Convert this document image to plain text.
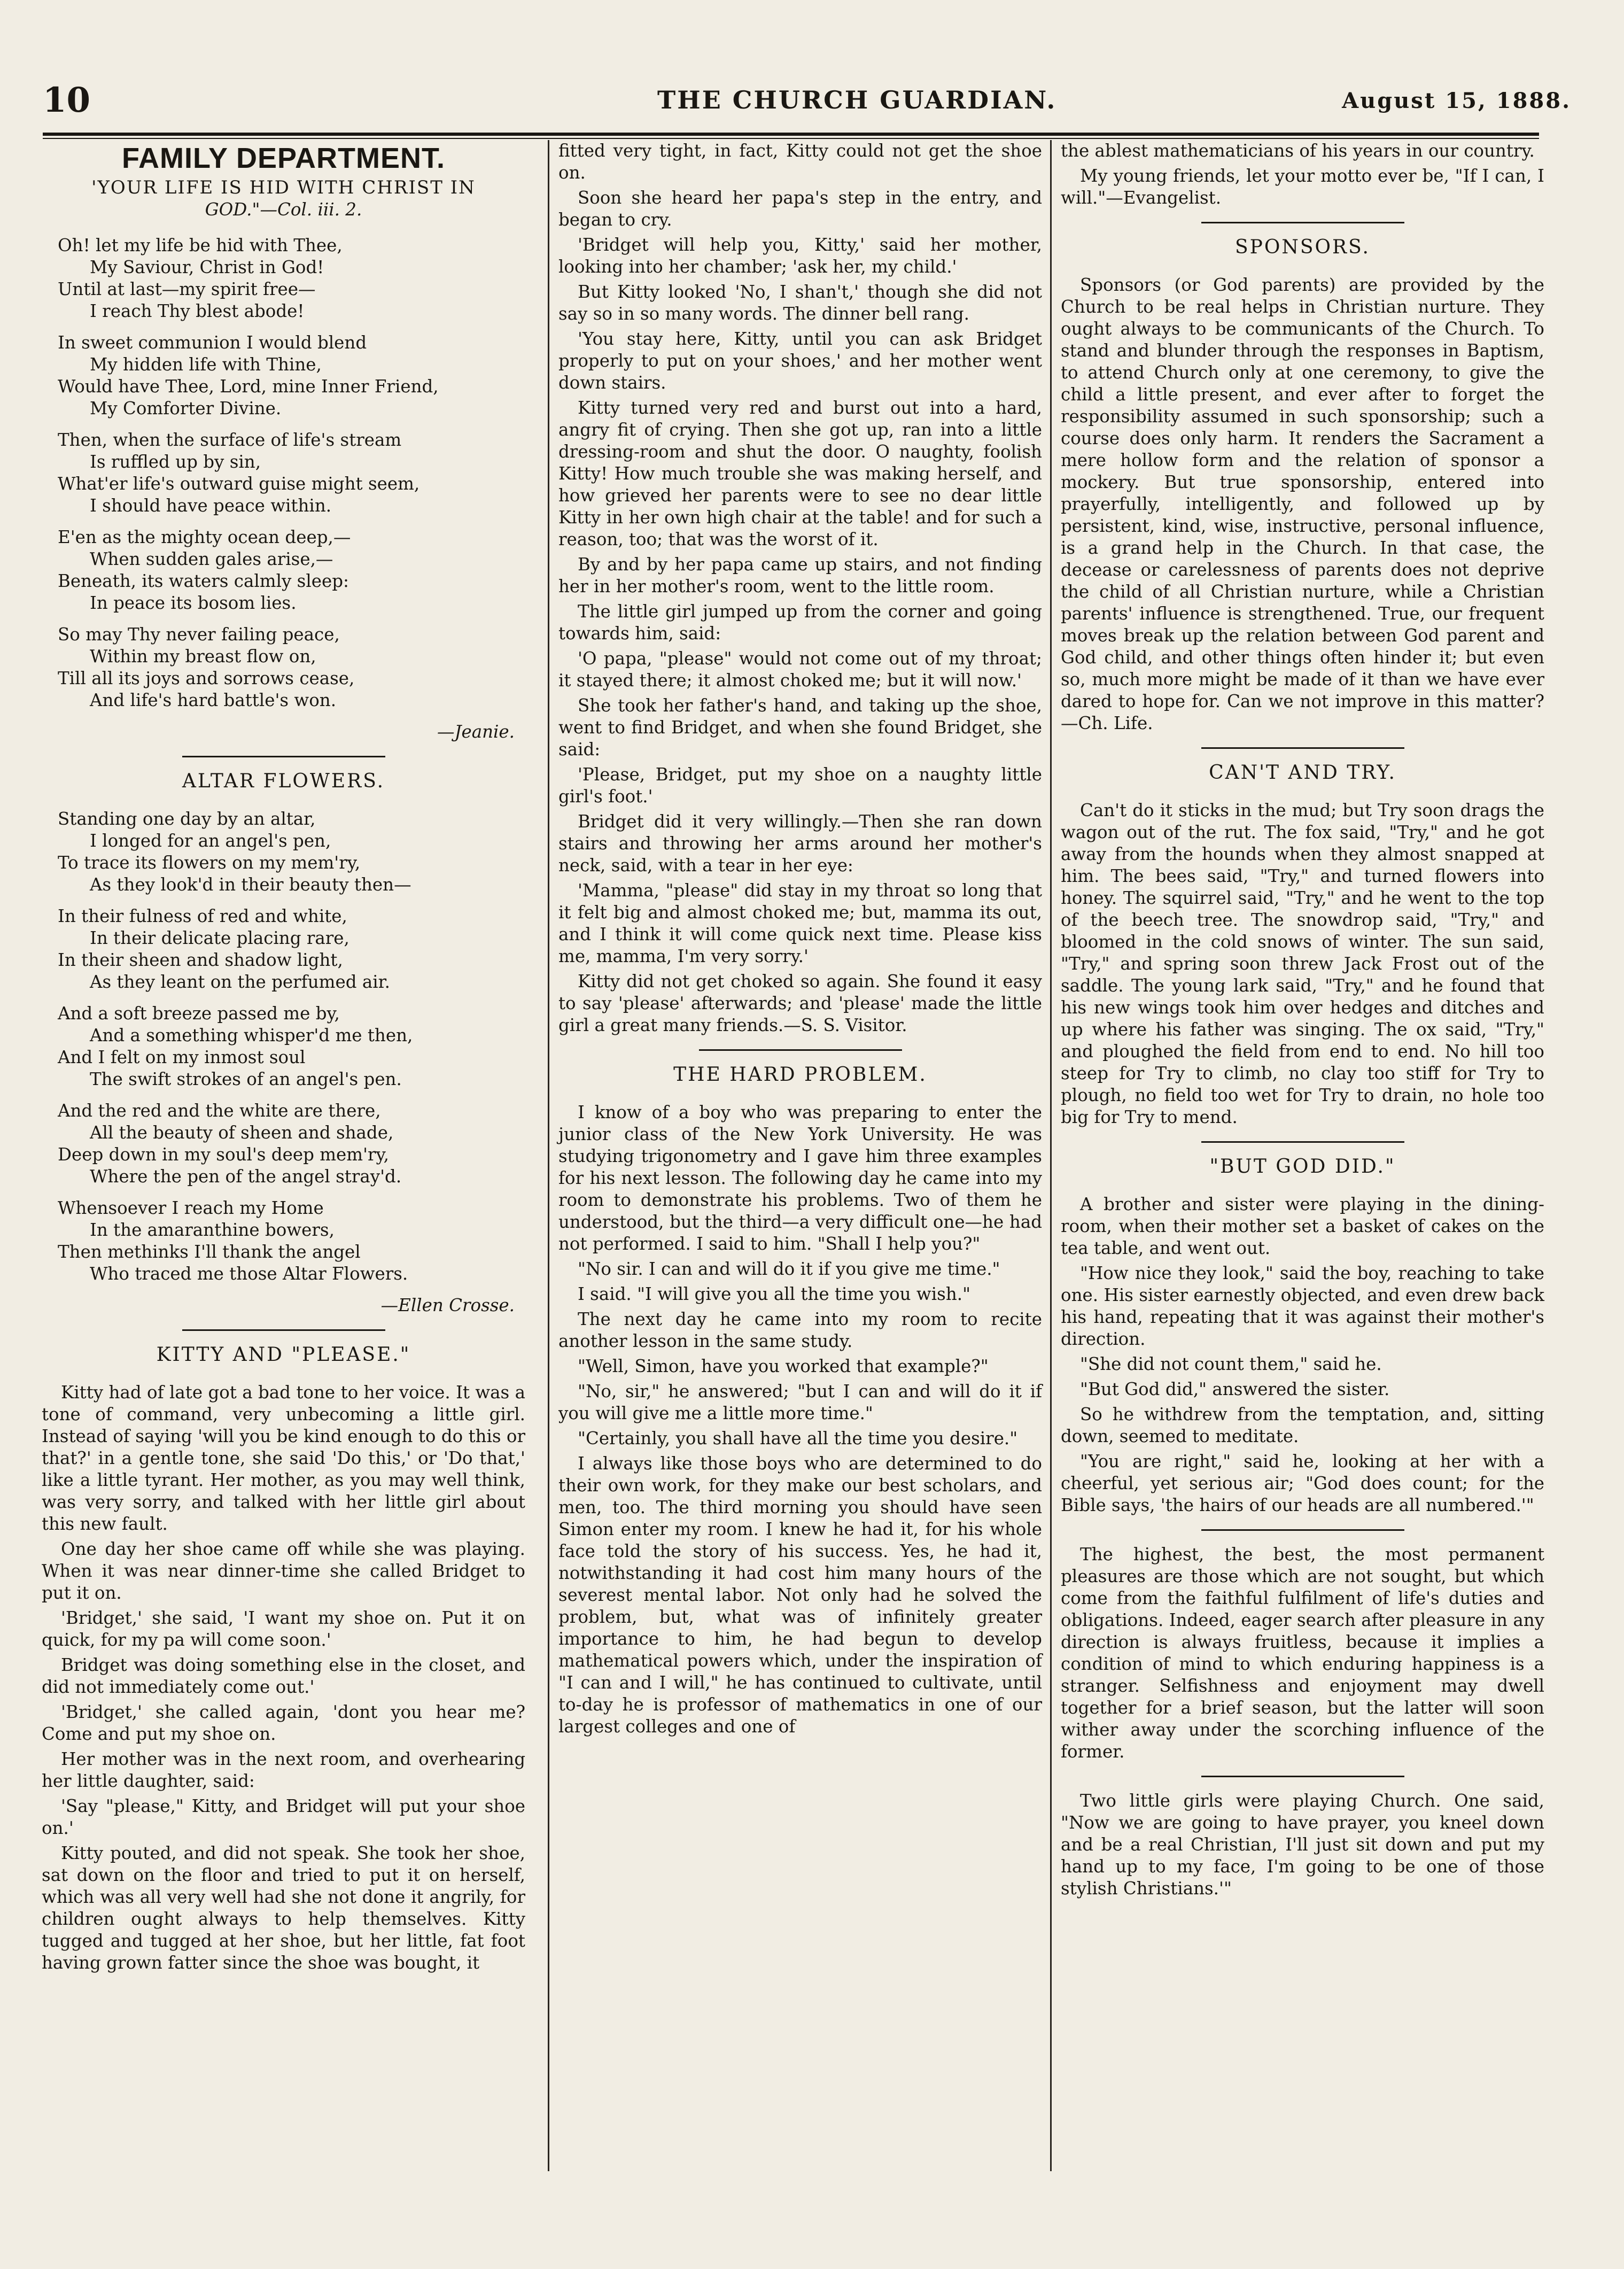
10	THE CHURCH GUARDIAN.	August 15, 1888.
FAMILY DEPARTMENT.
'YOUR LIFE IS HID WITH CHRIST IN
GOD."—Col. iii. 2.
Oh! let my life be hid with Thee,
My Saviour, Christ in God!
Until at last—my spirit free—
I reach Thy blest abode!
In sweet communion I would blend
My hidden life with Thine,
Would have Thee, Lord, mine Inner Friend,
My Comforter Divine.
Then, when the surface of life's stream
Is ruffled up by sin,
What'er life's outward guise might seem,
I should have peace within.
E'en as the mighty ocean deep,—
When sudden gales arise,—
Beneath, its waters calmly sleep:
In peace its bosom lies.
So may Thy never failing peace,
Within my breast flow on,
Till all its joys and sorrows cease,
And life's hard battle's won.
—Jeanie.
ALTAR FLOWERS.
Standing one day by an altar,
I longed for an angel's pen,
To trace its flowers on my mem'ry,
As they look'd in their beauty then—
In their fulness of red and white,
In their delicate placing rare,
In their sheen and shadow light,
As they leant on the perfumed air.
And a soft breeze passed me by,
And a something whisper'd me then,
And I felt on my inmost soul
The swift strokes of an angel's pen.
And the red and the white are there,
All the beauty of sheen and shade,
Deep down in my soul's deep mem'ry,
Where the pen of the angel stray'd.
Whensoever I reach my Home
In the amaranthine bowers,
Then methinks I'll thank the angel
Who traced me those Altar Flowers.
—Ellen Crosse.
KITTY AND "PLEASE."

Kitty had of late got a bad tone to her voice. It was a tone of command, very unbecoming a little girl. Instead of saying 'will you be kind enough to do this or that?' in a gentle tone, she said 'Do this,' or 'Do that,' like a little tyrant. Her mother, as you may well think, was very sorry, and talked with her little girl about this new fault.

One day her shoe came off while she was playing. When it was near dinner-time she called Bridget to put it on.

'Bridget,' she said, 'I want my shoe on. Put it on quick, for my pa will come soon.'

Bridget was doing something else in the closet, and did not immediately come out.'

'Bridget,' she called again, 'dont you hear me? Come and put my shoe on.

Her mother was in the next room, and overhearing her little daughter, said:

'Say "please," Kitty, and Bridget will put your shoe on.'

Kitty pouted, and did not speak. She took her shoe, sat down on the floor and tried to put it on herself, which was all very well had she not done it angrily, for children ought always to help themselves. Kitty tugged and tugged at her shoe, but her little, fat foot having grown fatter since the shoe was bought, it

fitted very tight, in fact, Kitty could not get the shoe on.

Soon she heard her papa's step in the entry, and began to cry.

'Bridget will help you, Kitty,' said her mother, looking into her chamber; 'ask her, my child.'

But Kitty looked 'No, I shan't,' though she did not say so in so many words. The dinner bell rang.

'You stay here, Kitty, until you can ask Bridget properly to put on your shoes,' and her mother went down stairs.

Kitty turned very red and burst out into a hard, angry fit of crying. Then she got up, ran into a little dressing-room and shut the door. O naughty, foolish Kitty! How much trouble she was making herself, and how grieved her parents were to see no dear little Kitty in her own high chair at the table! and for such a reason, too; that was the worst of it.

By and by her papa came up stairs, and not finding her in her mother's room, went to the little room.

The little girl jumped up from the corner and going towards him, said:

'O papa, "please" would not come out of my throat; it stayed there; it almost choked me; but it will now.'

She took her father's hand, and taking up the shoe, went to find Bridget, and when she found Bridget, she said:

'Please, Bridget, put my shoe on a naughty little girl's foot.'

Bridget did it very willingly.—Then she ran down stairs and throwing her arms around her mother's neck, said, with a tear in her eye:

'Mamma, "please" did stay in my throat so long that it felt big and almost choked me; but, mamma its out, and I think it will come quick next time. Please kiss me, mamma, I'm very sorry.'

Kitty did not get choked so again. She found it easy to say 'please' afterwards; and 'please' made the little girl a great many friends.—S. S. Visitor.

THE HARD PROBLEM.

I know of a boy who was preparing to enter the junior class of the New York University. He was studying trigonometry and I gave him three examples for his next lesson. The following day he came into my room to demonstrate his problems. Two of them he understood, but the third—a very difficult one—he had not performed. I said to him. "Shall I help you?"

"No sir. I can and will do it if you give me time."

I said. "I will give you all the time you wish."

The next day he came into my room to recite another lesson in the same study.

"Well, Simon, have you worked that example?"

"No, sir," he answered; "but I can and will do it if you will give me a little more time."

"Certainly, you shall have all the time you desire."

I always like those boys who are determined to do their own work, for they make our best scholars, and men, too. The third morning you should have seen Simon enter my room. I knew he had it, for his whole face told the story of his success. Yes, he had it, notwithstanding it had cost him many hours of the severest mental labor. Not only had he solved the problem, but, what was of infinitely greater importance to him, he had begun to develop mathematical powers which, under the inspiration of "I can and I will," he has continued to cultivate, until to-day he is professor of mathematics in one of our largest colleges and one of

the ablest mathematicians of his years in our country.

My young friends, let your motto ever be, "If I can, I will."—Evangelist.

SPONSORS.

Sponsors (or God parents) are provided by the Church to be real helps in Christian nurture. They ought always to be communicants of the Church. To stand and blunder through the responses in Baptism, to attend Church only at one ceremony, to give the child a little present, and ever after to forget the responsibility assumed in such sponsorship; such a course does only harm. It renders the Sacrament a mere hollow form and the relation of sponsor a mockery. But true sponsorship, entered into prayerfully, intelligently, and followed up by persistent, kind, wise, instructive, personal influence, is a grand help in the Church. In that case, the decease or carelessness of parents does not deprive the child of all Christian nurture, while a Christian parents' influence is strengthened. True, our frequent moves break up the relation between God parent and God child, and other things often hinder it; but even so, much more might be made of it than we have ever dared to hope for. Can we not improve in this matter?—Ch. Life.

CAN'T AND TRY.

Can't do it sticks in the mud; but Try soon drags the wagon out of the rut. The fox said, "Try," and he got away from the hounds when they almost snapped at him. The bees said, "Try," and turned flowers into honey. The squirrel said, "Try," and he went to the top of the beech tree. The snowdrop said, "Try," and bloomed in the cold snows of winter. The sun said, "Try," and spring soon threw Jack Frost out of the saddle. The young lark said, "Try," and he found that his new wings took him over hedges and ditches and up where his father was singing. The ox said, "Try," and ploughed the field from end to end. No hill too steep for Try to climb, no clay too stiff for Try to plough, no field too wet for Try to drain, no hole too big for Try to mend.

"BUT GOD DID."

A brother and sister were playing in the dining-room, when their mother set a basket of cakes on the tea table, and went out.

"How nice they look," said the boy, reaching to take one. His sister earnestly objected, and even drew back his hand, repeating that it was against their mother's direction.

"She did not count them," said he.

"But God did," answered the sister.

So he withdrew from the temptation, and, sitting down, seemed to meditate.

"You are right," said he, looking at her with a cheerful, yet serious air; "God does count; for the Bible says, 'the hairs of our heads are all numbered.'"

The highest, the best, the most permanent pleasures are those which are not sought, but which come from the faithful fulfilment of life's duties and obligations. Indeed, eager search after pleasure in any direction is always fruitless, because it implies a condition of mind to which enduring happiness is a stranger. Selfishness and enjoyment may dwell together for a brief season, but the latter will soon wither away under the scorching influence of the former.

Two little girls were playing Church. One said, "Now we are going to have prayer, you kneel down and be a real Christian, I'll just sit down and put my hand up to my face, I'm going to be one of those stylish Christians.'"
